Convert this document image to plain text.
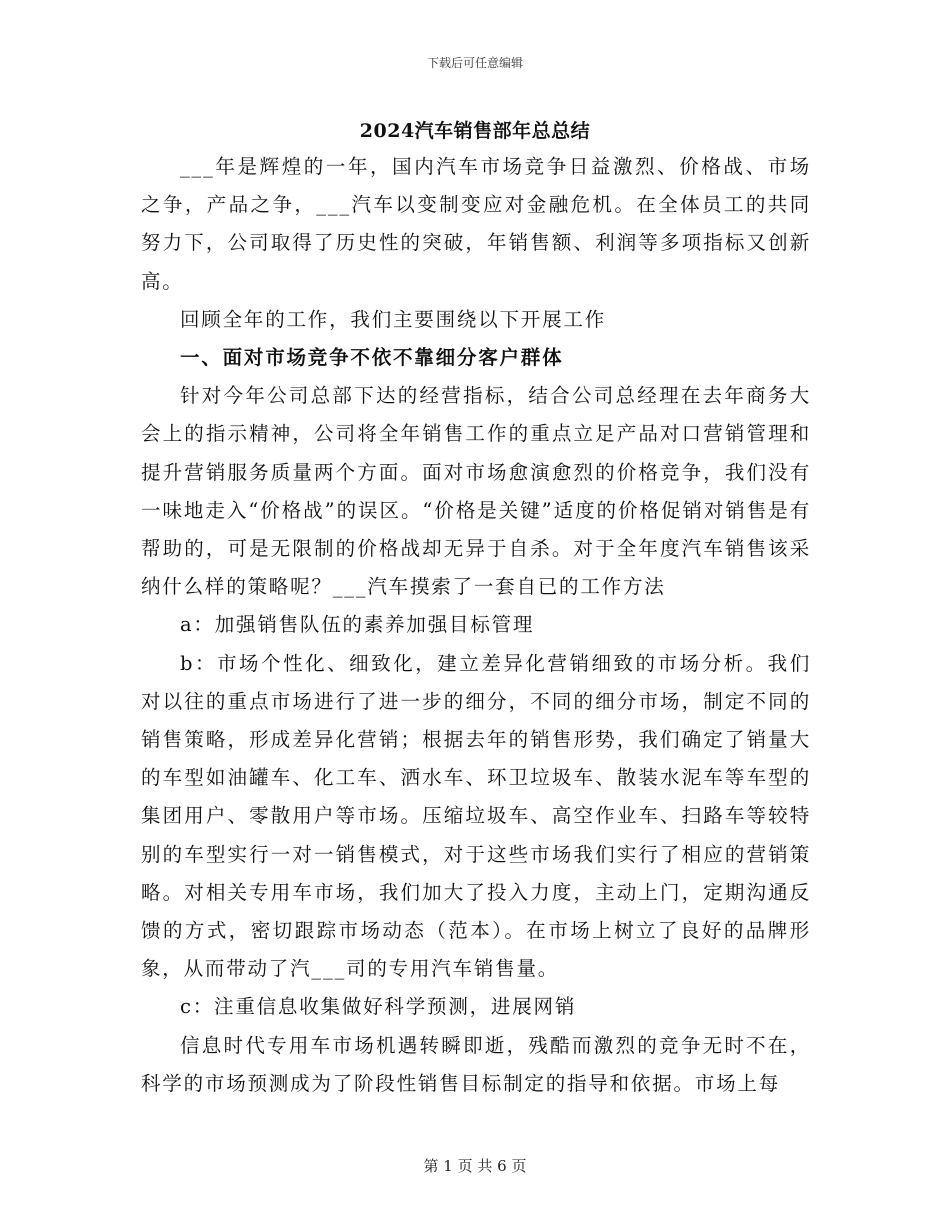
下载后可任意编辑
2024汽车销售部年总总结

___年是辉煌的一年，国内汽车市场竞争日益激烈、价格战、市场之争，产品之争，___汽车以变制变应对金融危机。在全体员工的共同努力下，公司取得了历史性的突破，年销售额、利润等多项指标又创新高。

回顾全年的工作，我们主要围绕以下开展工作

一、面对市场竞争不依不靠细分客户群体

针对今年公司总部下达的经营指标，结合公司总经理在去年商务大会上的指示精神，公司将全年销售工作的重点立足产品对口营销管理和提升营销服务质量两个方面。面对市场愈演愈烈的价格竞争，我们没有一味地走入“价格战”的误区。“价格是关键”适度的价格促销对销售是有帮助的，可是无限制的价格战却无异于自杀。对于全年度汽车销售该采纳什么样的策略呢？___汽车摸索了一套自已的工作方法

a：加强销售队伍的素养加强目标管理

b：市场个性化、细致化，建立差异化营销细致的市场分析。我们对以往的重点市场进行了进一步的细分，不同的细分市场，制定不同的销售策略，形成差异化营销；根据去年的销售形势，我们确定了销量大的车型如油罐车、化工车、洒水车、环卫垃圾车、散装水泥车等车型的集团用户、零散用户等市场。压缩垃圾车、高空作业车、扫路车等较特别的车型实行一对一销售模式，对于这些市场我们实行了相应的营销策略。对相关专用车市场，我们加大了投入力度，主动上门，定期沟通反馈的方式，密切跟踪市场动态（范本）。在市场上树立了良好的品牌形象，从而带动了汽___司的专用汽车销售量。

c：注重信息收集做好科学预测，进展网销

信息时代专用车市场机遇转瞬即逝，残酷而激烈的竞争无时不在，科学的市场预测成为了阶段性销售目标制定的指导和依据。市场上每

第 1 页 共 6 页
